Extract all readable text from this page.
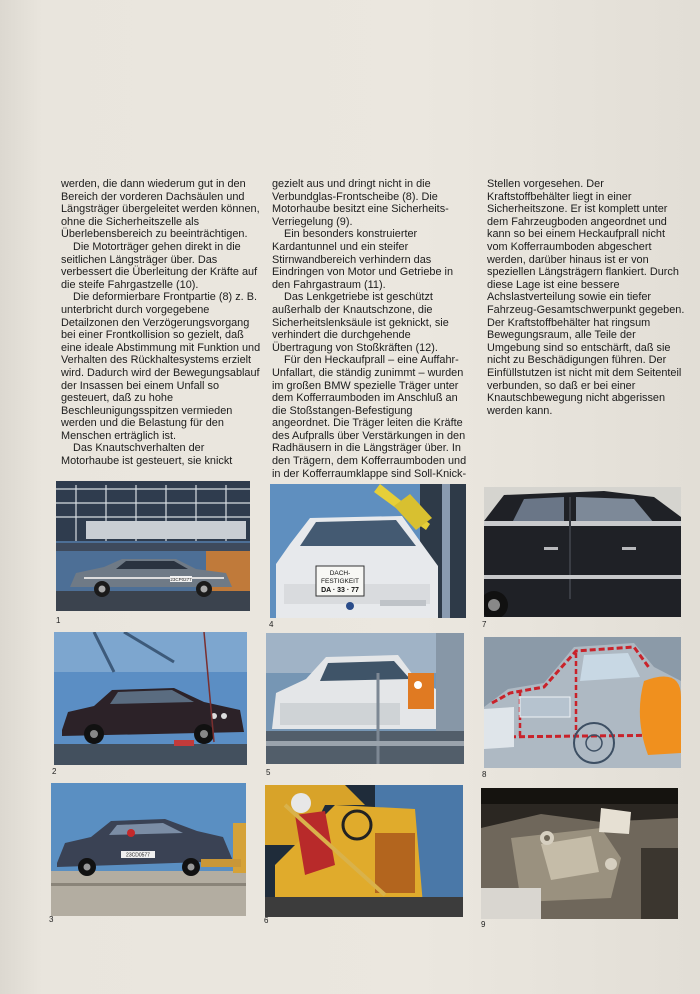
werden, die dann wiederum gut in den Bereich der vorderen Dachsäulen und Längsträger übergeleitet werden können, ohne die Sicherheitszelle als Überlebensbereich zu beeinträchtigen.

Die Motorträger gehen direkt in die seitlichen Längsträger über. Das verbessert die Überleitung der Kräfte auf die steife Fahrgastzelle (10).

Die deformierbare Frontpartie (8) z. B. unterbricht durch vorgegebene Detailzonen den Verzögerungsvorgang bei einer Frontkollision so gezielt, daß eine ideale Abstimmung mit Funktion und Verhalten des Rückhaltesystems erzielt wird. Dadurch wird der Bewegungsablauf der Insassen bei einem Unfall so gesteuert, daß zu hohe Beschleunigungsspitzen vermieden werden und die Belastung für den Menschen erträglich ist.

Das Knautschverhalten der Motorhaube ist gesteuert, sie knickt

gezielt aus und dringt nicht in die Verbundglas-Frontscheibe (8). Die Motorhaube besitzt eine Sicherheits-Verriegelung (9).

Ein besonders konstruierter Kardantunnel und ein steifer Stirnwandbereich verhindern das Eindringen von Motor und Getriebe in den Fahrgastraum (11).

Das Lenkgetriebe ist geschützt außerhalb der Knautschzone, die Sicherheitslenksäule ist geknickt, sie verhindert die durchgehende Übertragung von Stoßkräften (12).

Für den Heckaufprall – eine Auffahr-Unfallart, die ständig zunimmt – wurden im großen BMW spezielle Träger unter dem Kofferraumboden im Anschluß an die Stoßstangen-Befestigung angeordnet. Die Träger leiten die Kräfte des Aufpralls über Verstärkungen in den Radhäusern in die Längsträger über. In den Trägern, dem Kofferraumboden und in der Kofferraumklappe sind Soll-Knick-

Stellen vorgesehen. Der Kraftstoffbehälter liegt in einer Sicherheitszone. Er ist komplett unter dem Fahrzeugboden angeordnet und kann so bei einem Heckaufprall nicht vom Kofferraumboden abgeschert werden, darüber hinaus ist er von speziellen Längsträgern flankiert. Durch diese Lage ist eine bessere Achslastverteilung sowie ein tiefer Fahrzeug-Gesamtschwerpunkt gegeben. Der Kraftstoffbehälter hat ringsum Bewegungsraum, alle Teile der Umgebung sind so entschärft, daß sie nicht zu Beschädigungen führen. Der Einfüllstutzen ist nicht mit dem Seitenteil verbunden, so daß er bei einer Knautschbewegung nicht abgerissen werden kann.

23CP0277
1
2
23CD0577
3
DACH-
FESTIGKEIT
DA · 33 · 77
4
5
6
7
8
9
